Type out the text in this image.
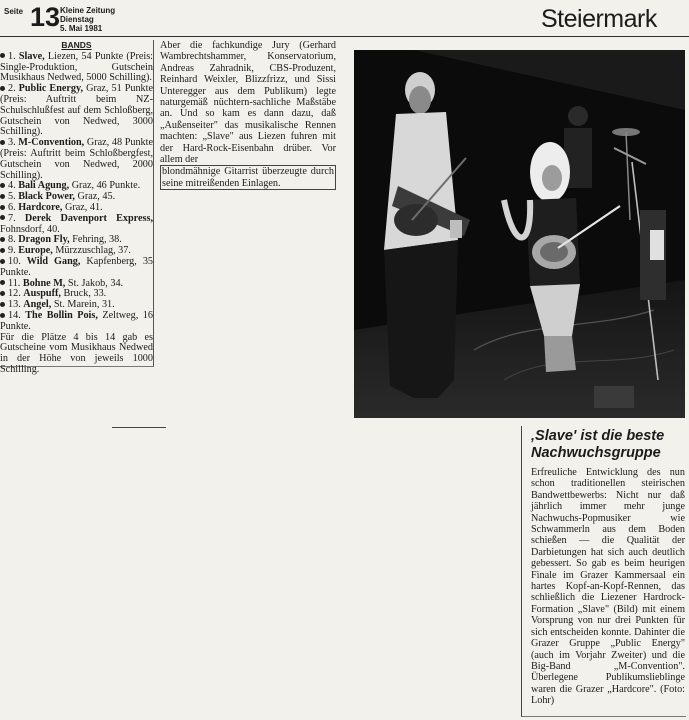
Seite 13 Kleine Zeitung
Dienstag
5. Mai 1981	Steiermark
BANDS

1. Slave, Liezen, 54 Punkte (Preis: Single-Produktion, Gutschein Musikhaus Nedwed, 5000 Schilling).

2. Public Energy, Graz, 51 Punkte (Preis: Auftritt beim NZ-Schulschlußfest auf dem Schloßberg, Gutschein von Nedwed, 3000 Schilling).

3. M-Convention, Graz, 48 Punkte (Preis: Auftritt beim Schloßbergfest, Gutschein von Nedwed, 2000 Schilling).

4. Bali Agung, Graz, 46 Punkte.

5. Black Power, Graz, 45.

6. Hardcore, Graz, 41.

7. Derek Davenport Express, Fohnsdorf, 40.

8. Dragon Fly, Fehring, 38.

9. Europe, Mürzzuschlag, 37.

10. Wild Gang, Kapfenberg, 35 Punkte.

11. Bohne M, St. Jakob, 34.

12. Auspuff, Bruck, 33.

13. Angel, St. Marein, 31.

14. The Bollin Pois, Zeltweg, 16 Punkte.

Für die Plätze 4 bis 14 gab es Gutscheine vom Musikhaus Nedwed in der Höhe von jeweils 1000 Schilling.

Aber die fachkundige Jury (Gerhard Wambrechtshammer, Konservatorium, Andreas Zahradnik, CBS-Produzent, Reinhard Weixler, Blizzfrizz, und Sissi Unteregger aus dem Publikum) legte naturgemäß nüchtern-sachliche Maßstäbe an. Und so kam es dann dazu, daß „Außenseiter" das musikalische Rennen machten: „Slave" aus Liezen fuhren mit der Hard-Rock-Eisenbahn drüber. Vor allem der

blondmähnige Gitarrist überzeugte durch seine mitreißenden Einlagen.

‚Slave' ist die beste Nachwuchsgruppe
Erfreuliche Entwicklung des nun schon traditionellen steirischen Bandwettbewerbs: Nicht nur daß jährlich immer mehr junge Nachwuchs-Popmusiker wie Schwammerln aus dem Boden schießen — die Qualität der Darbietungen hat sich auch deutlich gebessert. So gab es beim heurigen Finale im Grazer Kammersaal ein hartes Kopf-an-Kopf-Rennen, das schließlich die Liezener Hardrock-Formation „Slave" (Bild) mit einem Vorsprung von nur drei Punkten für sich entscheiden konnte. Dahinter die Grazer Gruppe „Public Energy" (auch im Vorjahr Zweiter) und die Big-Band „M-Convention". Überlegene Publikumslieblinge waren die Grazer „Hardcore". (Foto: Lohr)
